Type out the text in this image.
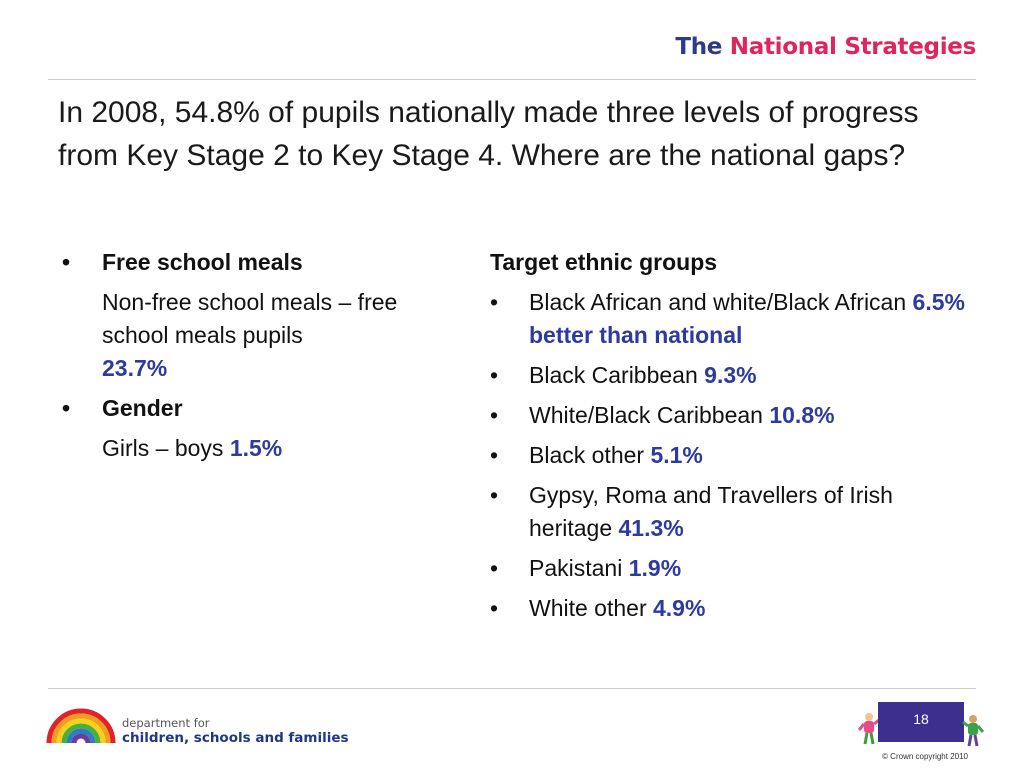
The National Strategies
In 2008, 54.8% of pupils nationally made three levels of progress from Key Stage 2 to Key Stage 4. Where are the national gaps?
• Free school meals
Non-free school meals – free school meals pupils
23.7%
• Gender
Girls – boys 1.5%
Target ethnic groups
• Black African and white/Black African 6.5% better than national
• Black Caribbean 9.3%
• White/Black Caribbean 10.8%
• Black other 5.1%
• Gypsy, Roma and Travellers of Irish heritage 41.3%
• Pakistani 1.9%
• White other 4.9%
department for
children, schools and families
18
© Crown copyright 2010
